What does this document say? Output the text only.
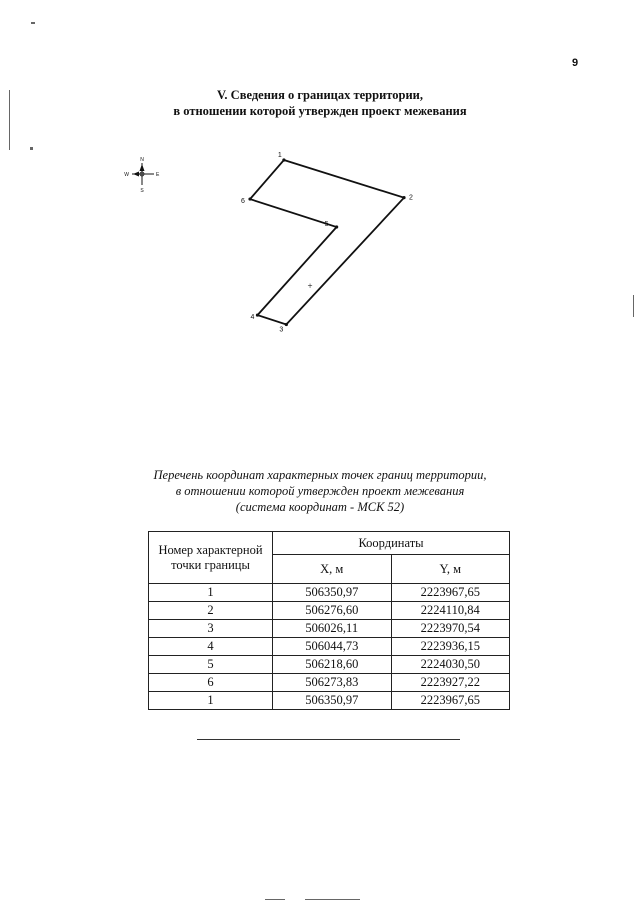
9
V. Сведения о границах территории,
в отношении которой утвержден проект межевания
N
S
W	E
1
2
3
4
5
6
+
Перечень координат характерных точек границ территории,
в отношении которой утвержден проект межевания
(система координат - МСК 52)
Номер характерной точки границы	Координаты	
	X, м	Y, м
1	506350,97	2223967,65
2	506276,60	2224110,84
3	506026,11	2223970,54
4	506044,73	2223936,15
5	506218,60	2224030,50
6	506273,83	2223927,22
1	506350,97	2223967,65
